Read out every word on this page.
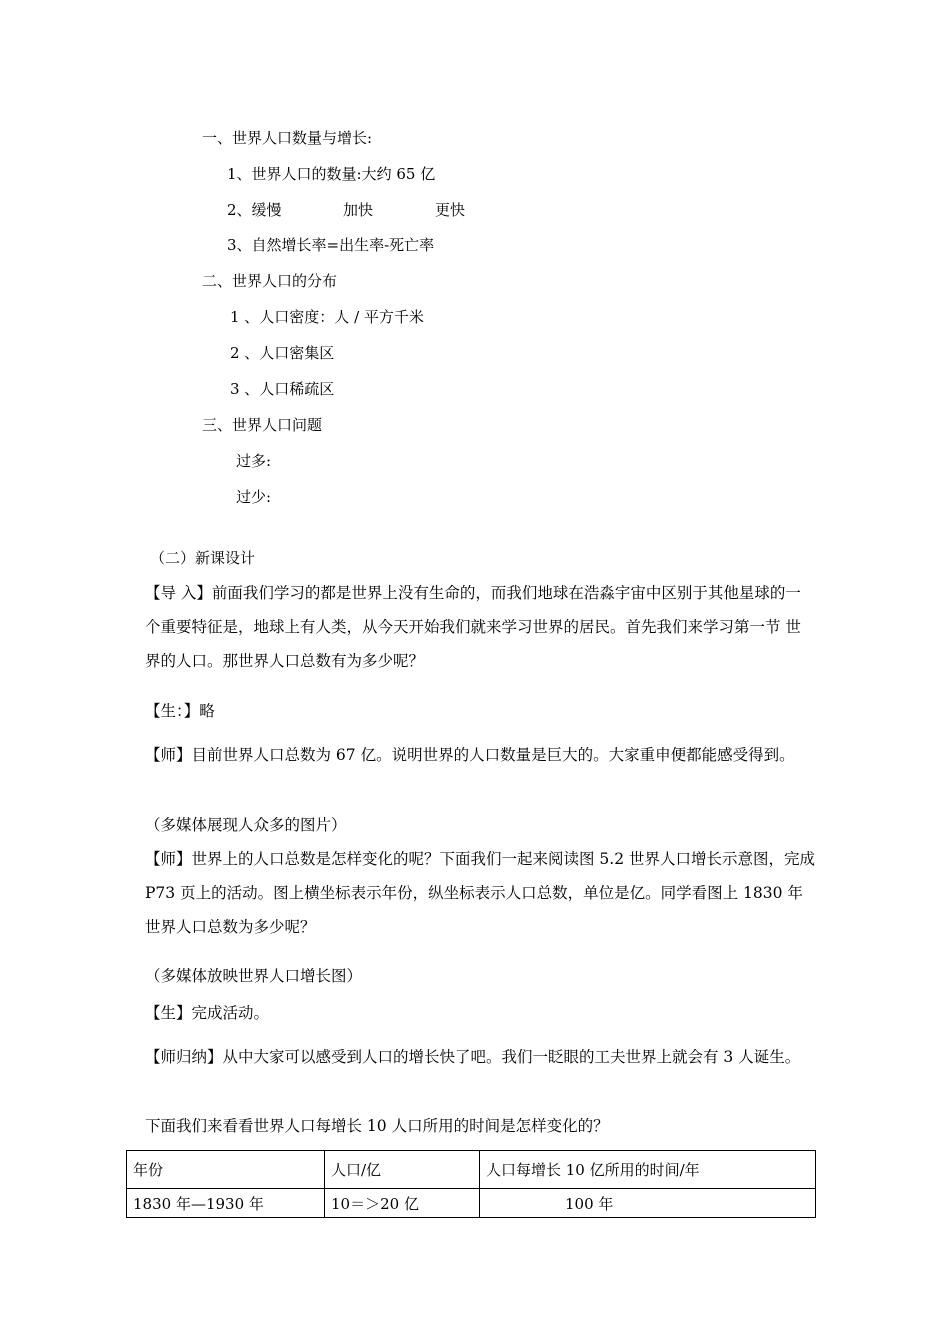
一、世界人口数量与增长:
1、世界人口的数量:大约 65 亿
2、缓慢	加快	更快
3、自然增长率=出生率-死亡率
二、世界人口的分布
1 、人口密度：人 / 平方千米
2 、人口密集区
3 、人口稀疏区
三、世界人口问题
过多:
过少:
（二）新课设计
【导 入】前面我们学习的都是世界上没有生命的，而我们地球在浩淼宇宙中区别于其他星球的一个重要特征是，地球上有人类，从今天开始我们就来学习世界的居民。首先我们来学习第一节 世界的人口。那世界人口总数有为多少呢？
【生：】略
【师】目前世界人口总数为 67 亿。说明世界的人口数量是巨大的。大家重申便都能感受得到。
（多媒体展现人众多的图片）
【师】世界上的人口总数是怎样变化的呢？下面我们一起来阅读图 5.2 世界人口增长示意图，完成 P73 页上的活动。图上横坐标表示年份，纵坐标表示人口总数，单位是亿。同学看图上 1830 年世界人口总数为多少呢？
（多媒体放映世界人口增长图）
【生】完成活动。
【师归纳】从中大家可以感受到人口的增长快了吧。我们一眨眼的工夫世界上就会有 3 人诞生。
下面我们来看看世界人口每增长 10 人口所用的时间是怎样变化的？
年份	人口/亿	人口每增长 10 亿所用的时间/年
1830 年—1930 年	10＝＞20 亿	100 年
